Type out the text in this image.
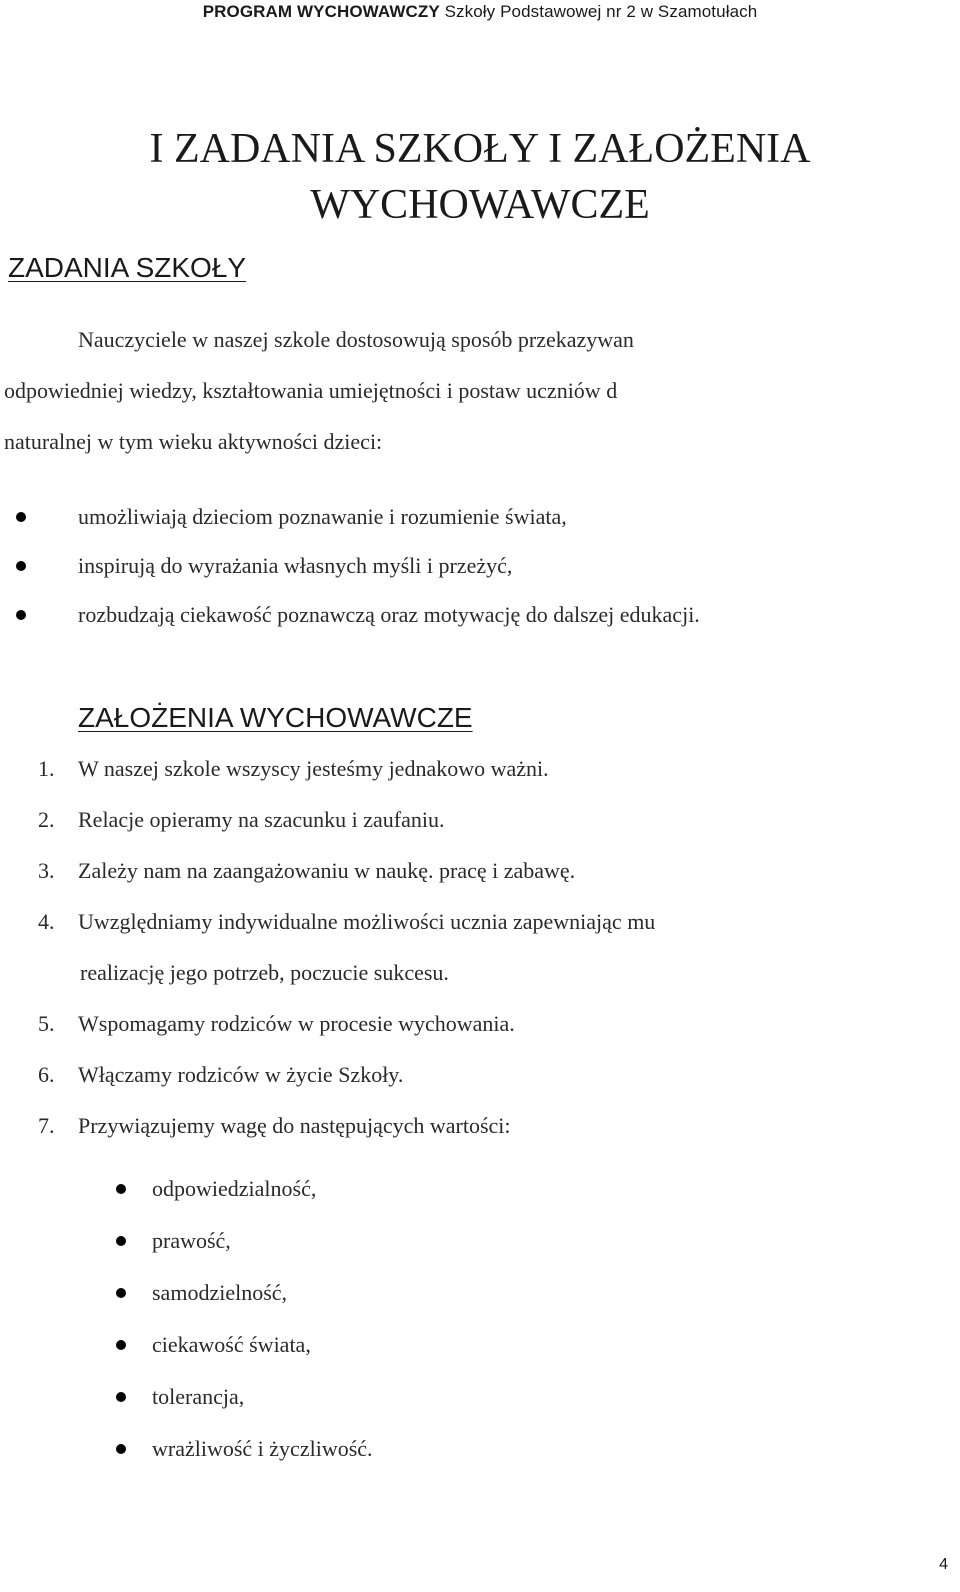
PROGRAM WYCHOWAWCZY Szkoły Podstawowej nr 2 w Szamotułach
I ZADANIA SZKOŁY I ZAŁOŻENIA
WYCHOWAWCZE
ZADANIA SZKOŁY
Nauczyciele w naszej szkole dostosowują sposób przekazywan
odpowiedniej wiedzy, kształtowania umiejętności i postaw uczniów d
naturalnej w tym wieku aktywności dzieci:
umożliwiają dzieciom poznawanie i rozumienie świata,
inspirują do wyrażania własnych myśli i przeżyć,
rozbudzają ciekawość poznawczą oraz motywację do dalszej edukacji.
ZAŁOŻENIA WYCHOWAWCZE
1. W naszej szkole wszyscy jesteśmy jednakowo ważni.
2. Relacje opieramy na szacunku i zaufaniu.
3. Zależy nam na zaangażowaniu w naukę. pracę i zabawę.
4. Uwzględniamy indywidualne możliwości ucznia zapewniając mu
realizację jego potrzeb, poczucie sukcesu.
5. Wspomagamy rodziców w procesie wychowania.
6. Włączamy rodziców w życie Szkoły.
7. Przywiązujemy wagę do następujących wartości:
odpowiedzialność,
prawość,
samodzielność,
ciekawość świata,
tolerancja,
wrażliwość i życzliwość.
4
